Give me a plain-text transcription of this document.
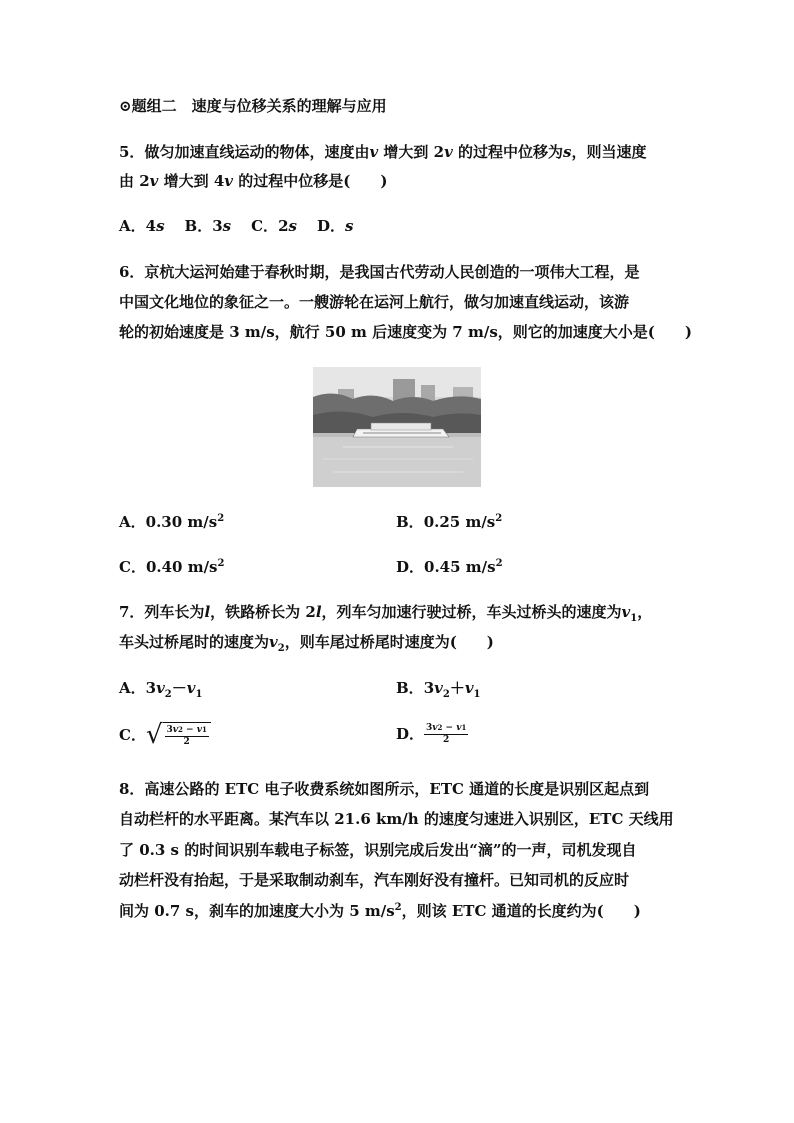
⊙题组二　速度与位移关系的理解与应用
5．做匀加速直线运动的物体，速度由v 增大到 2v 的过程中位移为s，则当速度
由 2v 增大到 4v 的过程中位移是(　　)
A．4s B．3s C．2s D．s
6．京杭大运河始建于春秋时期，是我国古代劳动人民创造的一项伟大工程，是
中国文化地位的象征之一。一艘游轮在运河上航行，做匀加速直线运动，该游
轮的初始速度是 3 m/s，航行 50 m 后速度变为 7 m/s，则它的加速度大小是(　　)
A．0.30 $m/s^2$	B．0.25 $m/s^2$
C．0.40 $m/s^2$	D．0.45 $m/s^2$
7．列车长为l，铁路桥长为 2l，列车匀加速行驶过桥，车头过桥头的速度为$v_1$，
车头过桥尾时的速度为$v_2$，则车尾过桥尾时速度为(　　)
A．$3v_2-v_1$	B．$3v_2+v_1$
C． √ $\frac{3v2 - v1}{2}$	D． $\frac{3v2 - v1}{2}$
8．高速公路的 ETC 电子收费系统如图所示，ETC 通道的长度是识别区起点到
自动栏杆的水平距离。某汽车以 21.6 km/h 的速度匀速进入识别区，ETC 天线用
了 0.3 s 的时间识别车载电子标签，识别完成后发出“滴”的一声，司机发现自
动栏杆没有抬起，于是采取制动刹车，汽车刚好没有撞杆。已知司机的反应时
间为 0.7 s，刹车的加速度大小为 5 $m/s^2$，则该 ETC 通道的长度约为(　　)
